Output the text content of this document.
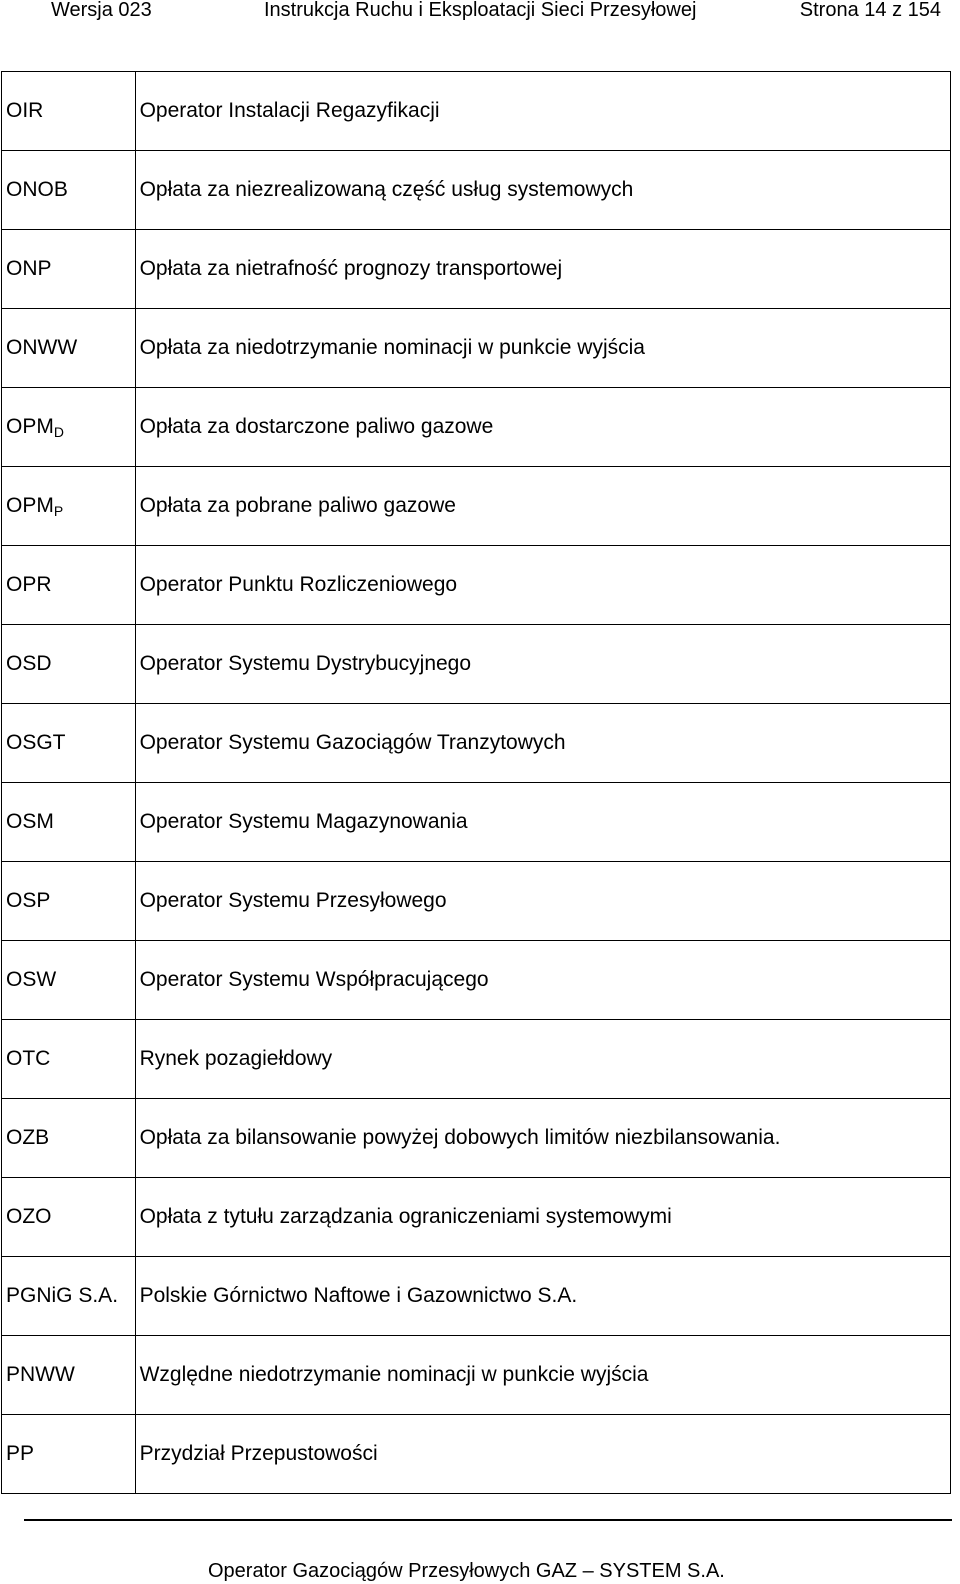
Wersja 023	Instrukcja Ruchu i Eksploatacji Sieci Przesyłowej	Strona 14 z 154
OIR	Operator Instalacji Regazyfikacji
ONOB	Opłata za niezrealizowaną część usług systemowych
ONP	Opłata za nietrafność prognozy transportowej
ONWW	Opłata za niedotrzymanie nominacji w punkcie wyjścia
$OPM_D$	Opłata za dostarczone paliwo gazowe
$OPM_P$	Opłata za pobrane paliwo gazowe
OPR	Operator Punktu Rozliczeniowego
OSD	Operator Systemu Dystrybucyjnego
OSGT	Operator Systemu Gazociągów Tranzytowych
OSM	Operator Systemu Magazynowania
OSP	Operator Systemu Przesyłowego
OSW	Operator Systemu Współpracującego
OTC	Rynek pozagiełdowy
OZB	Opłata za bilansowanie powyżej dobowych limitów niezbilansowania.
OZO	Opłata z tytułu zarządzania ograniczeniami systemowymi
PGNiG S.A.	Polskie Górnictwo Naftowe i Gazownictwo S.A.
PNWW	Względne niedotrzymanie nominacji w punkcie wyjścia
PP	Przydział Przepustowości
Operator Gazociągów Przesyłowych GAZ – SYSTEM S.A.
